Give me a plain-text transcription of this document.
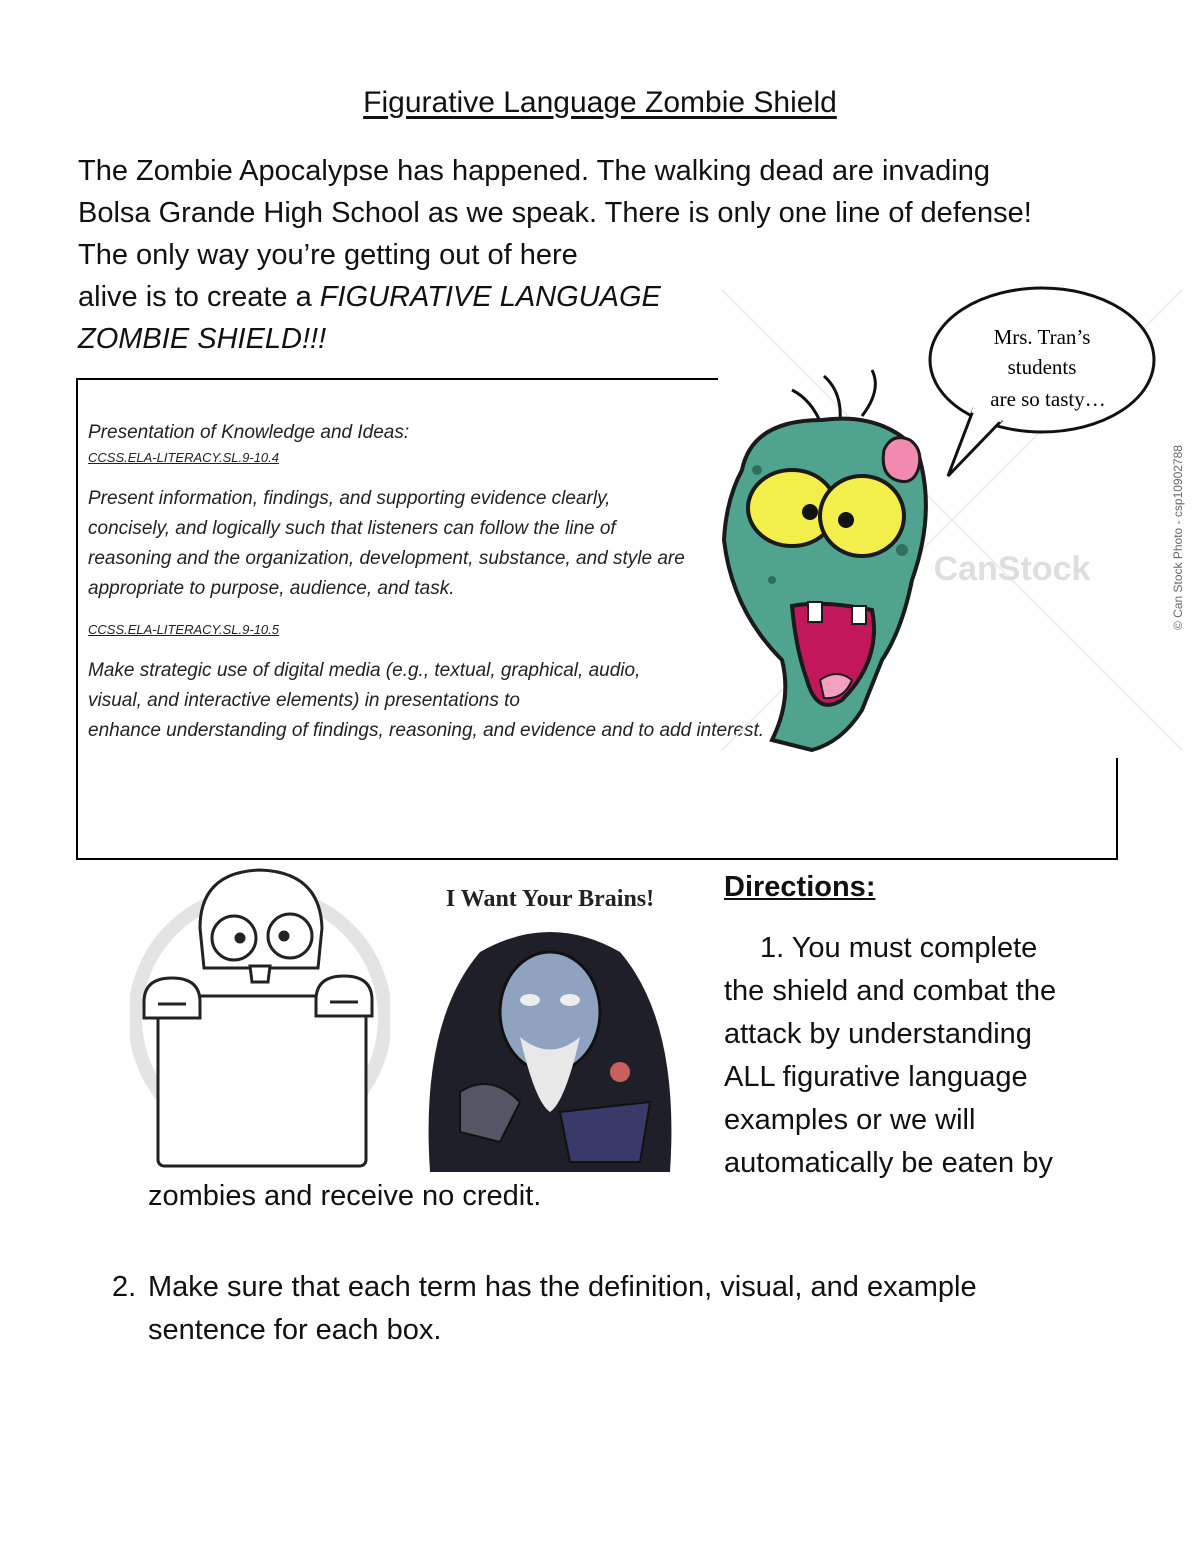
Figurative Language Zombie Shield
The Zombie Apocalypse has happened. The walking dead are invading
Bolsa Grande High School as we speak. There is only one line of defense!
The only way you’re getting out of here
alive is to create a FIGURATIVE LANGUAGE
ZOMBIE SHIELD!!!

Presentation of Knowledge and Ideas:

CCSS.ELA-LITERACY.SL.9-10.4

Present information, findings, and supporting evidence clearly, concisely, and logically such that listeners can follow the line of reasoning and the organization, development, substance, and style are appropriate to purpose, audience, and task.

CCSS.ELA-LITERACY.SL.9-10.5

Make strategic use of digital media (e.g., textual, graphical, audio, visual, and interactive elements) in presentations to

enhance understanding of findings, reasoning, and evidence and to add interest.

Mrs. Tran’s
students
are so tasty…
CanStock	© Can Stock Photo - csp10902788
I Want Your Brains! Directions:
1. You must complete
the shield and combat the
attack by understanding
ALL figurative language
examples or we will
automatically be eaten by
zombies and receive no credit.
2. Make sure that each term has the definition, visual, and example
sentence for each box.
